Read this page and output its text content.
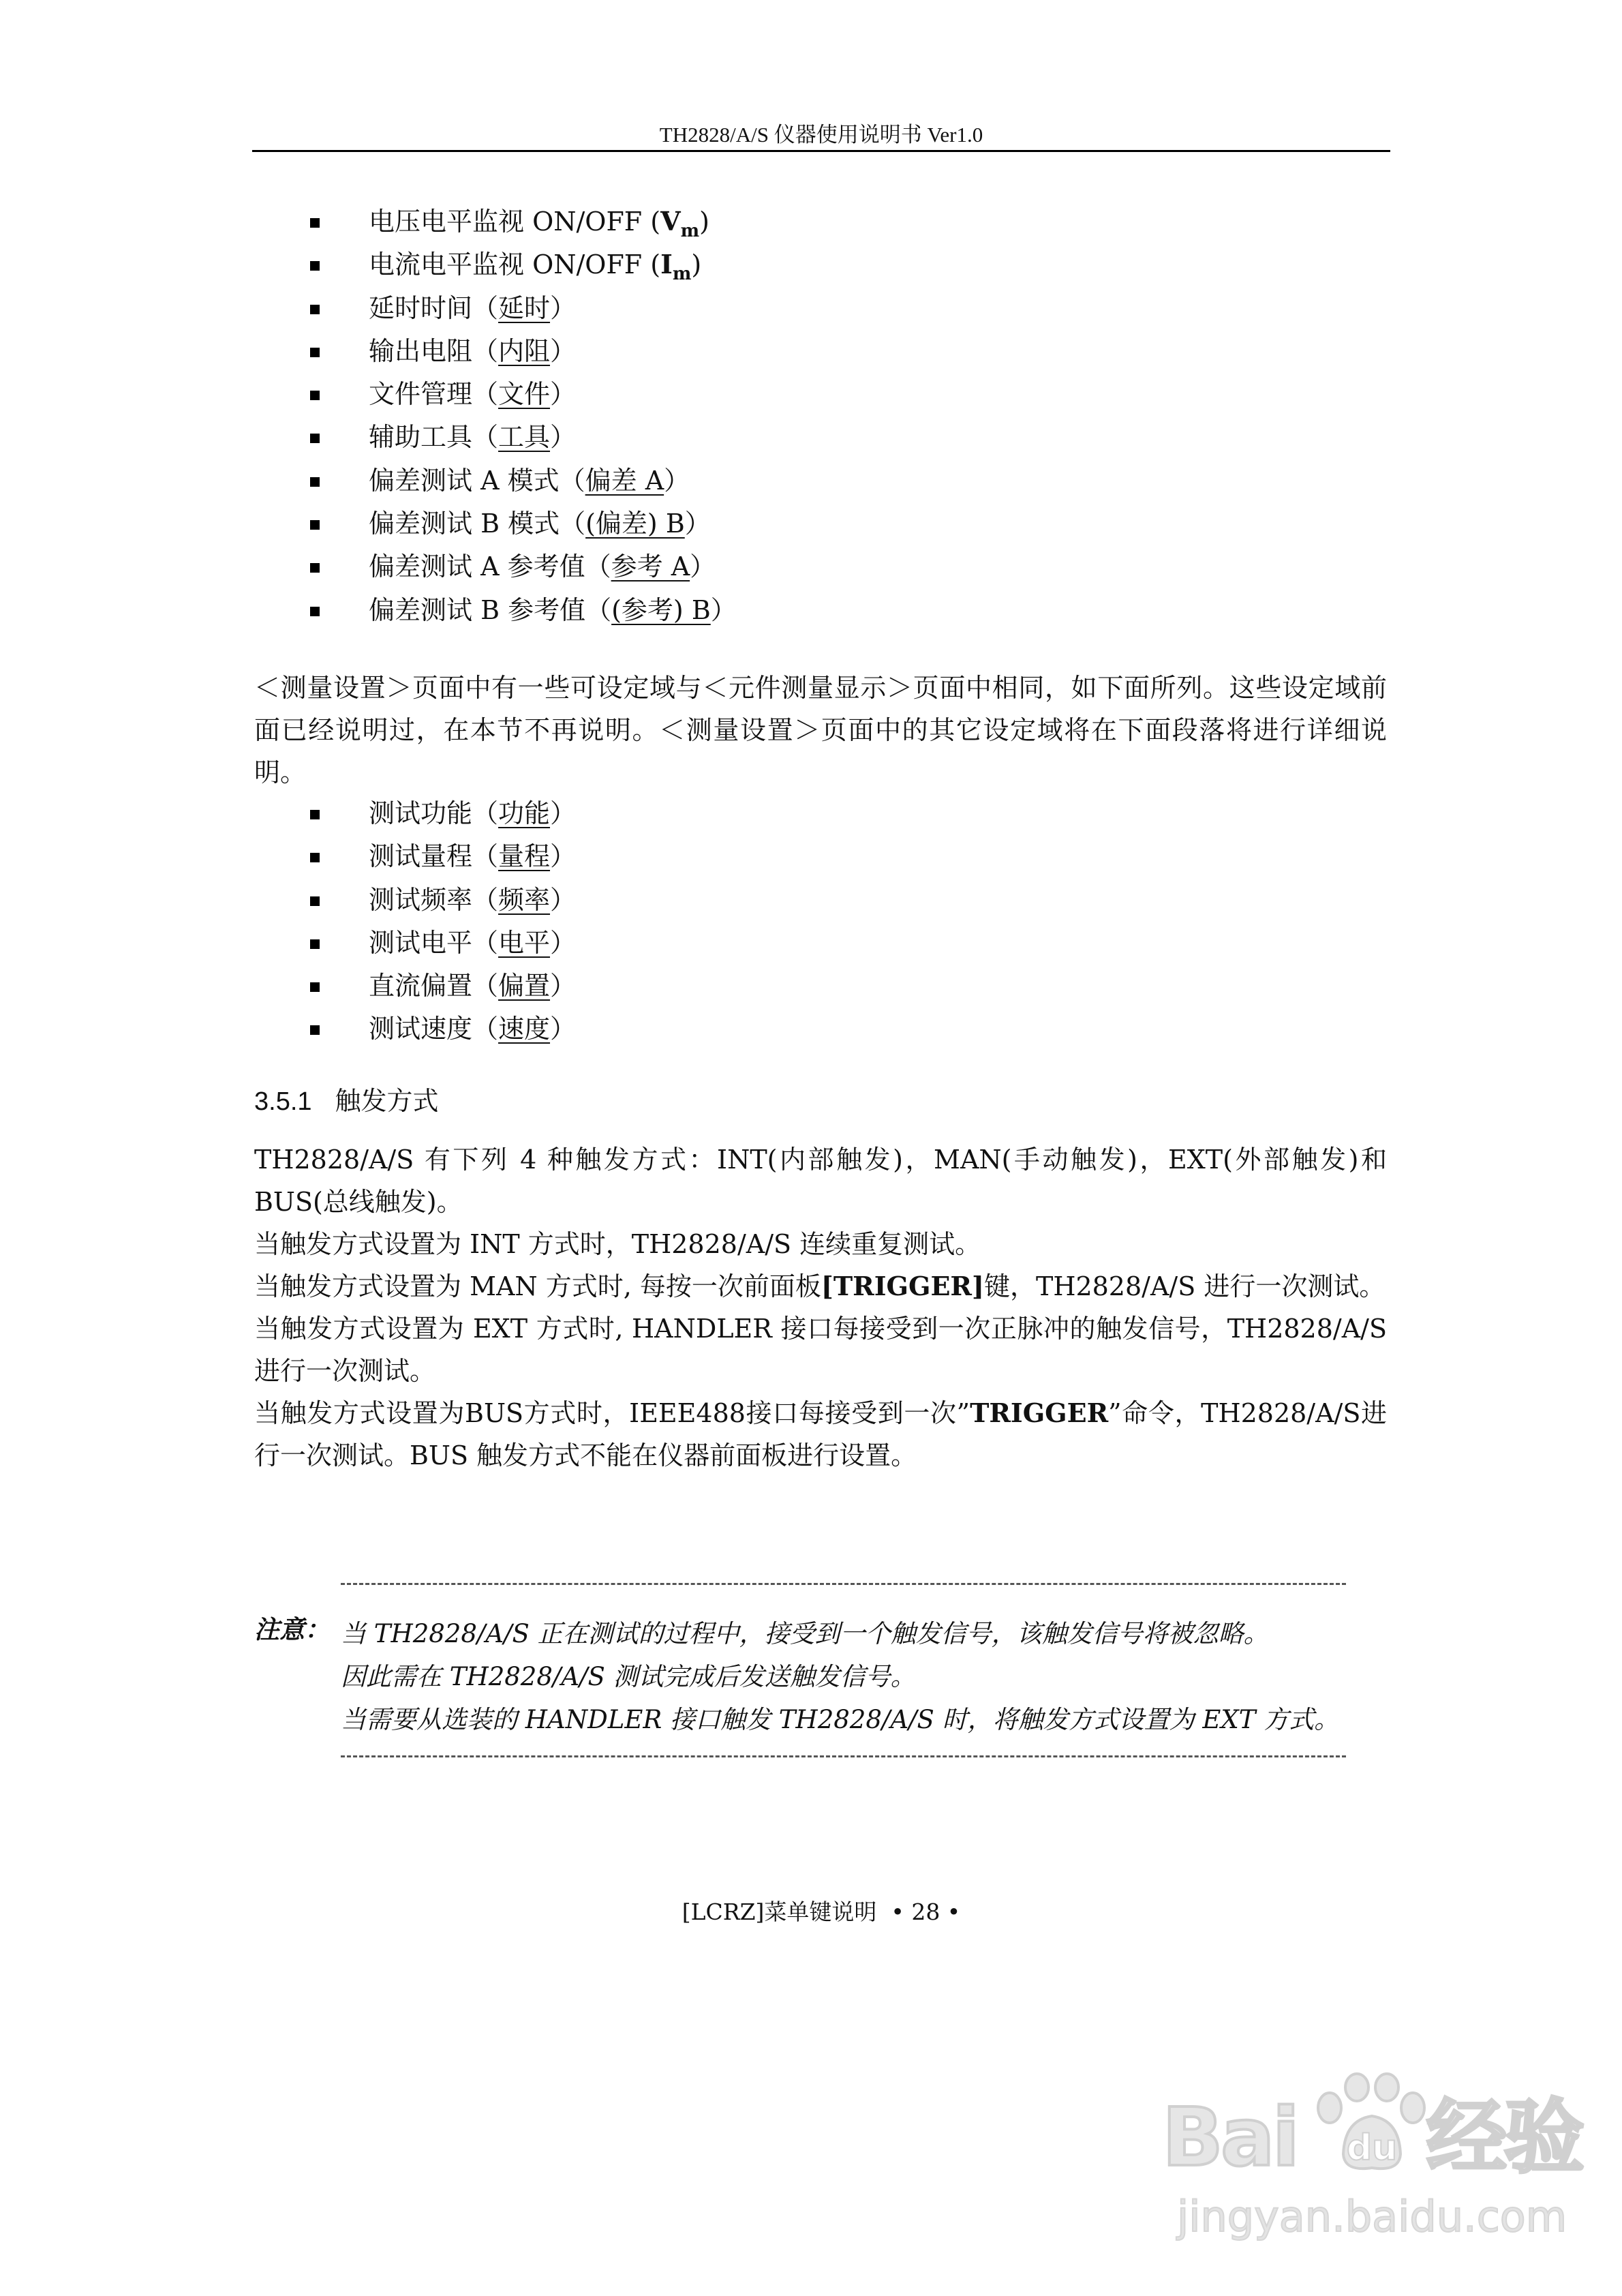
TH2828/A/S 仪器使用说明书 Ver1.0
电压电平监视 ON/OFF $(V_m)$
电流电平监视 ON/OFF $(I_m)$
延时时间（延时）
输出电阻（内阻）
文件管理（文件）
辅助工具（工具）
偏差测试 A 模式（偏差 A）
偏差测试 B 模式（(偏差) B）
偏差测试 A 参考值（参考 A）
偏差测试 B 参考值（(参考) B）

＜测量设置＞页面中有一些可设定域与＜元件测量显示＞页面中相同，如下面所列。这些设定域前面已经说明过，在本节不再说明。＜测量设置＞页面中的其它设定域将在下面段落将进行详细说明。

测试功能（功能）
测试量程（量程）
测试频率（频率）
测试电平（电平）
直流偏置（偏置）
测试速度（速度）
3.5.1 触发方式

TH2828/A/S 有下列 4 种触发方式：INT(内部触发)，MAN(手动触发)，EXT(外部触发)和BUS(总线触发)。

当触发方式设置为 INT 方式时，TH2828/A/S 连续重复测试。

当触发方式设置为 MAN 方式时, 每按一次前面板[TRIGGER]键，TH2828/A/S 进行一次测试。

当触发方式设置为 EXT 方式时, HANDLER 接口每接受到一次正脉冲的触发信号，TH2828/A/S 进行一次测试。

当触发方式设置为BUS方式时，IEEE488接口每接受到一次”TRIGGER”命令，TH2828/A/S进行一次测试。BUS 触发方式不能在仪器前面板进行设置。

注意： 当 TH2828/A/S 正在测试的过程中，接受到一个触发信号，该触发信号将被忽略。
因此需在 TH2828/A/S 测试完成后发送触发信号。
当需要从选装的 HANDLER 接口触发 TH2828/A/S 时，将触发方式设置为 EXT 方式。
[LCRZ]菜单键说明  • 28 •
Bai 经验
du
jingyan.baidu.com
